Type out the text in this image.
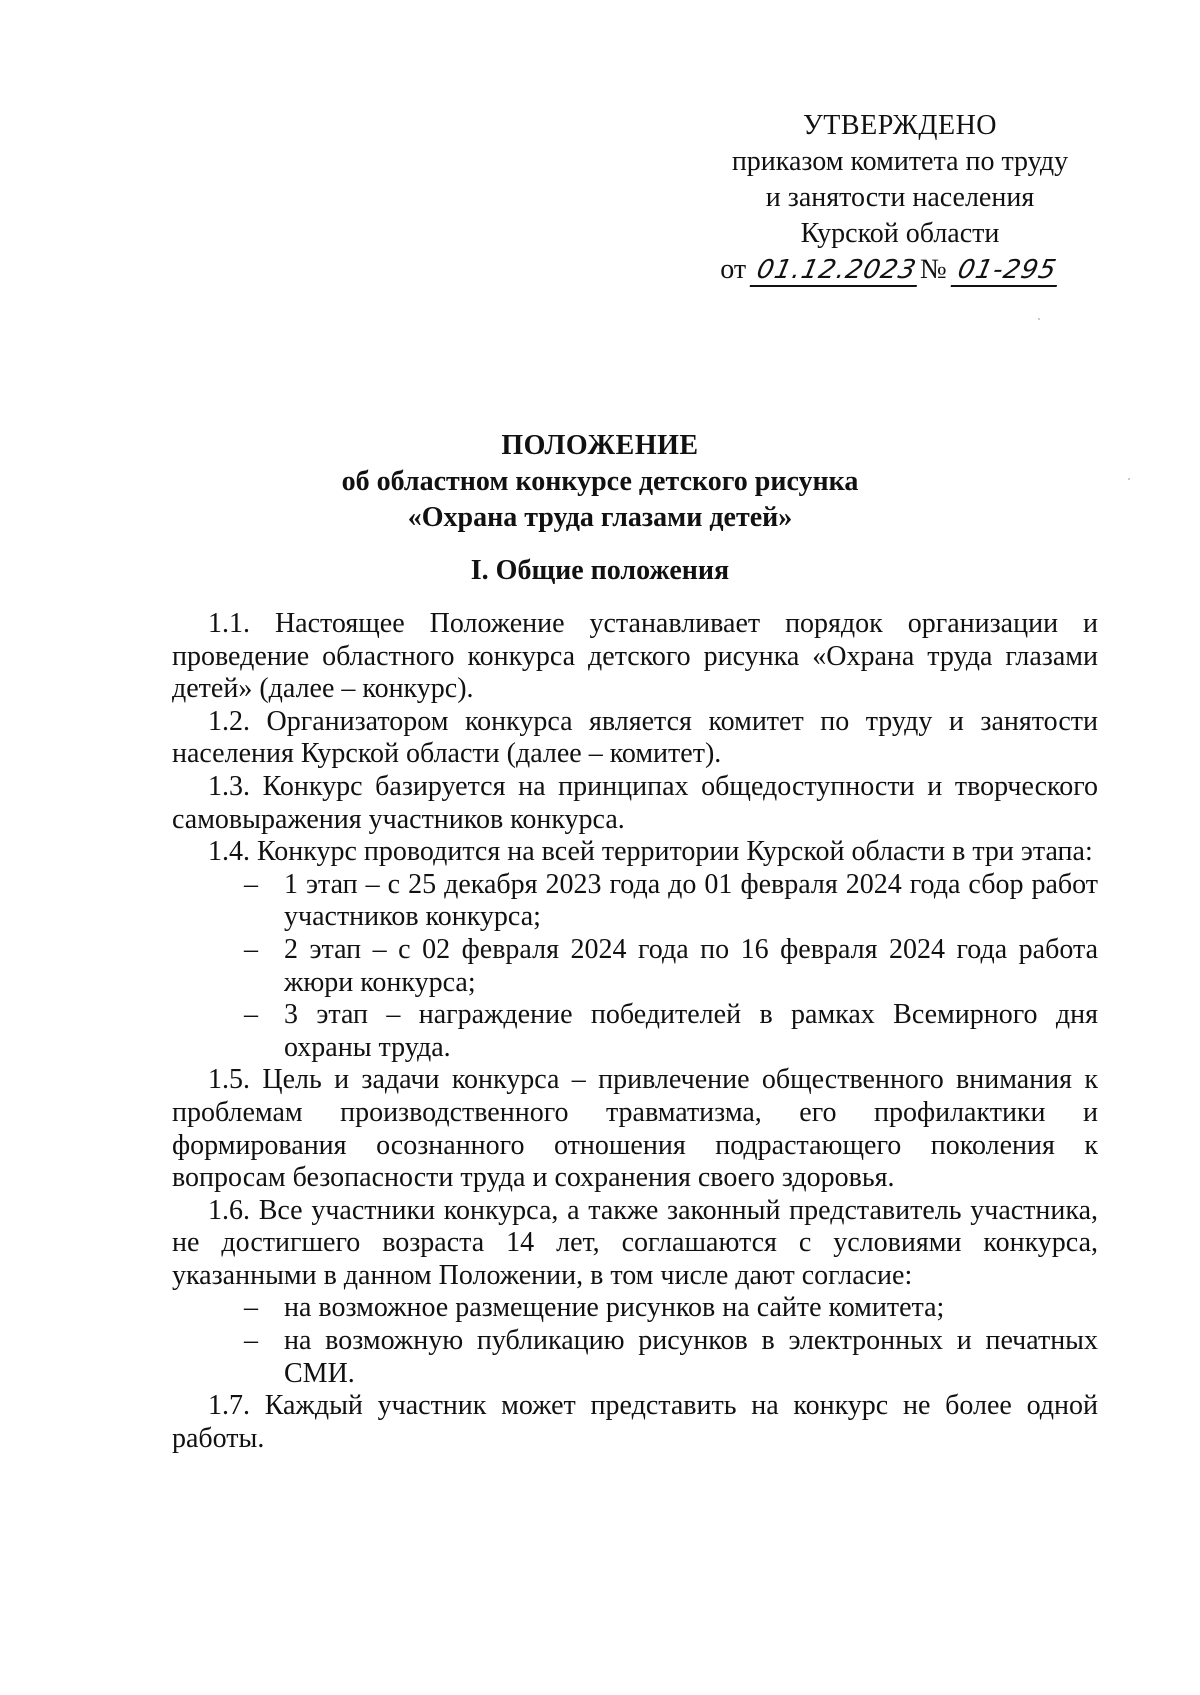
УТВЕРЖДЕНО
приказом комитета по труду
и занятости населения
Курской области
от 01.12.2023№ 01-295
ПОЛОЖЕНИЕ
об областном конкурсе детского рисунка
«Охрана труда глазами детей»
I. Общие положения

1.1. Настоящее Положение устанавливает порядок организации и проведение областного конкурса детского рисунка «Охрана труда глазами детей» (далее – конкурс).

1.2. Организатором конкурса является комитет по труду и занятости населения Курской области (далее – комитет).

1.3. Конкурс базируется на принципах общедоступности и творческого самовыражения участников конкурса.

1.4. Конкурс проводится на всей территории Курской области в три этапа:

– 1 этап – с 25 декабря 2023 года до 01 февраля 2024 года сбор работ участников конкурса;
– 2 этап – с 02 февраля 2024 года по 16 февраля 2024 года работа жюри конкурса;
– 3 этап – награждение победителей в рамках Всемирного дня охраны труда.

1.5. Цель и задачи конкурса – привлечение общественного внимания к проблемам производственного травматизма, его профилактики и формирования осознанного отношения подрастающего поколения к вопросам безопасности труда и сохранения своего здоровья.

1.6. Все участники конкурса, а также законный представитель участника, не достигшего возраста 14 лет, соглашаются с условиями конкурса, указанными в данном Положении, в том числе дают согласие:

– на возможное размещение рисунков на сайте комитета;
– на возможную публикацию рисунков в электронных и печатных СМИ.

1.7. Каждый участник может представить на конкурс не более одной работы.
